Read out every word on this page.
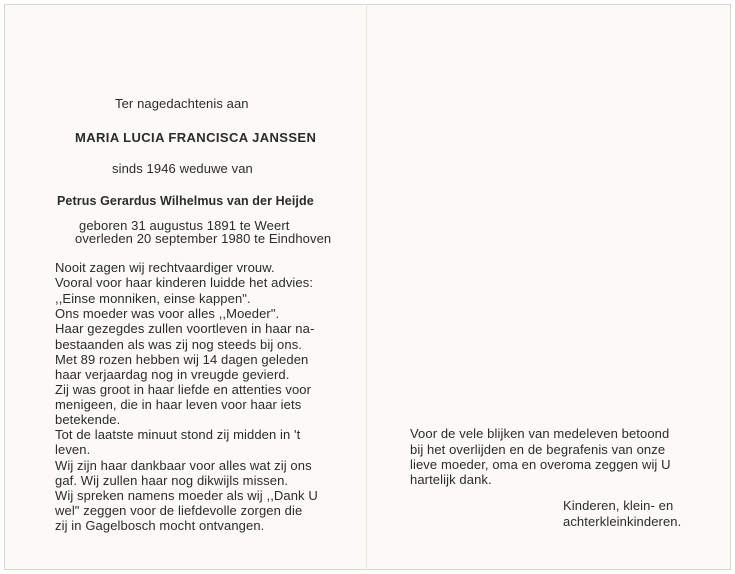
Ter nagedachtenis aan
MARIA LUCIA FRANCISCA JANSSEN
sinds 1946 weduwe van
Petrus Gerardus Wilhelmus van der Heijde
geboren 31 augustus 1891 te Weert
overleden 20 september 1980 te Eindhoven
Nooit zagen wij rechtvaardiger vrouw.
Vooral voor haar kinderen luidde het advies:
,,Einse monniken, einse kappen".
Ons moeder was voor alles ,,Moeder".
Haar gezegdes zullen voortleven in haar na-
bestaanden als was zij nog steeds bij ons.
Met 89 rozen hebben wij 14 dagen geleden
haar verjaardag nog in vreugde gevierd.
Zij was groot in haar liefde en attenties voor
menigeen, die in haar leven voor haar iets
betekende.
Tot de laatste minuut stond zij midden in 't
leven.
Wij zijn haar dankbaar voor alles wat zij ons
gaf. Wij zullen haar nog dikwijls missen.
Wij spreken namens moeder als wij ,,Dank U
wel" zeggen voor de liefdevolle zorgen die
zij in Gagelbosch mocht ontvangen.
Voor de vele blijken van medeleven betoond
bij het overlijden en de begrafenis van onze
lieve moeder, oma en overoma zeggen wij U
hartelijk dank.
Kinderen, klein- en
achterkleinkinderen.
